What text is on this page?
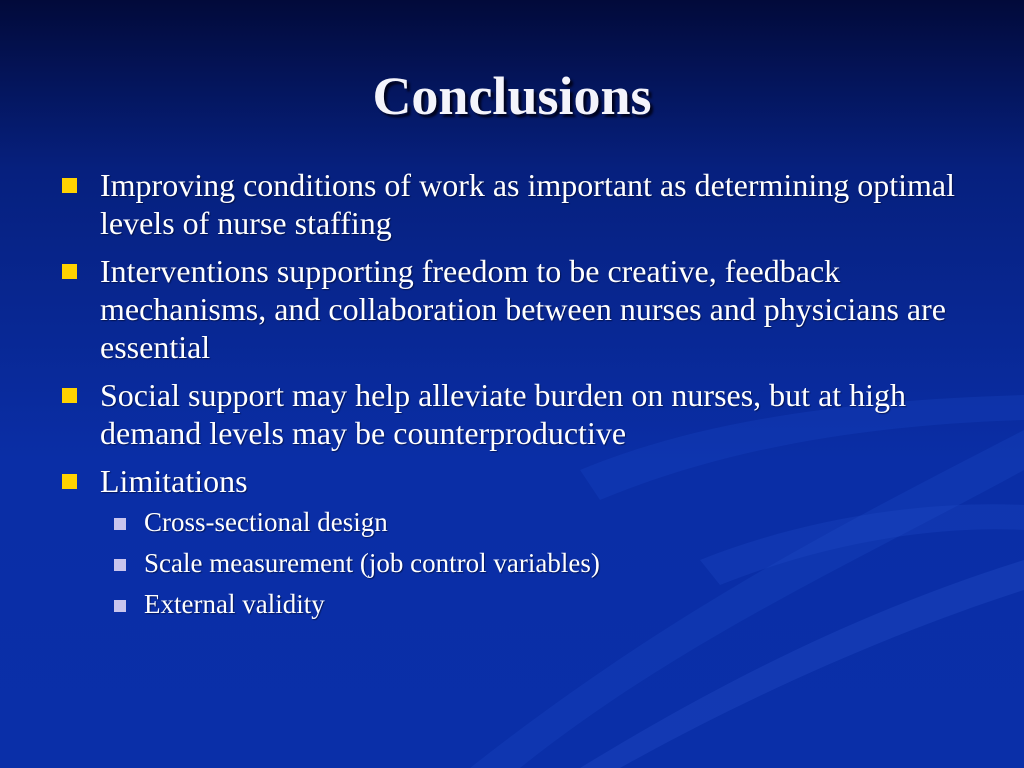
Conclusions
Improving conditions of work as important as determining optimal levels of nurse staffing
Interventions supporting freedom to be creative, feedback mechanisms, and collaboration between nurses and physicians are essential
Social support may help alleviate burden on nurses, but at high demand levels may be counterproductive
Limitations
Cross-sectional design
Scale measurement (job control variables)
External validity
